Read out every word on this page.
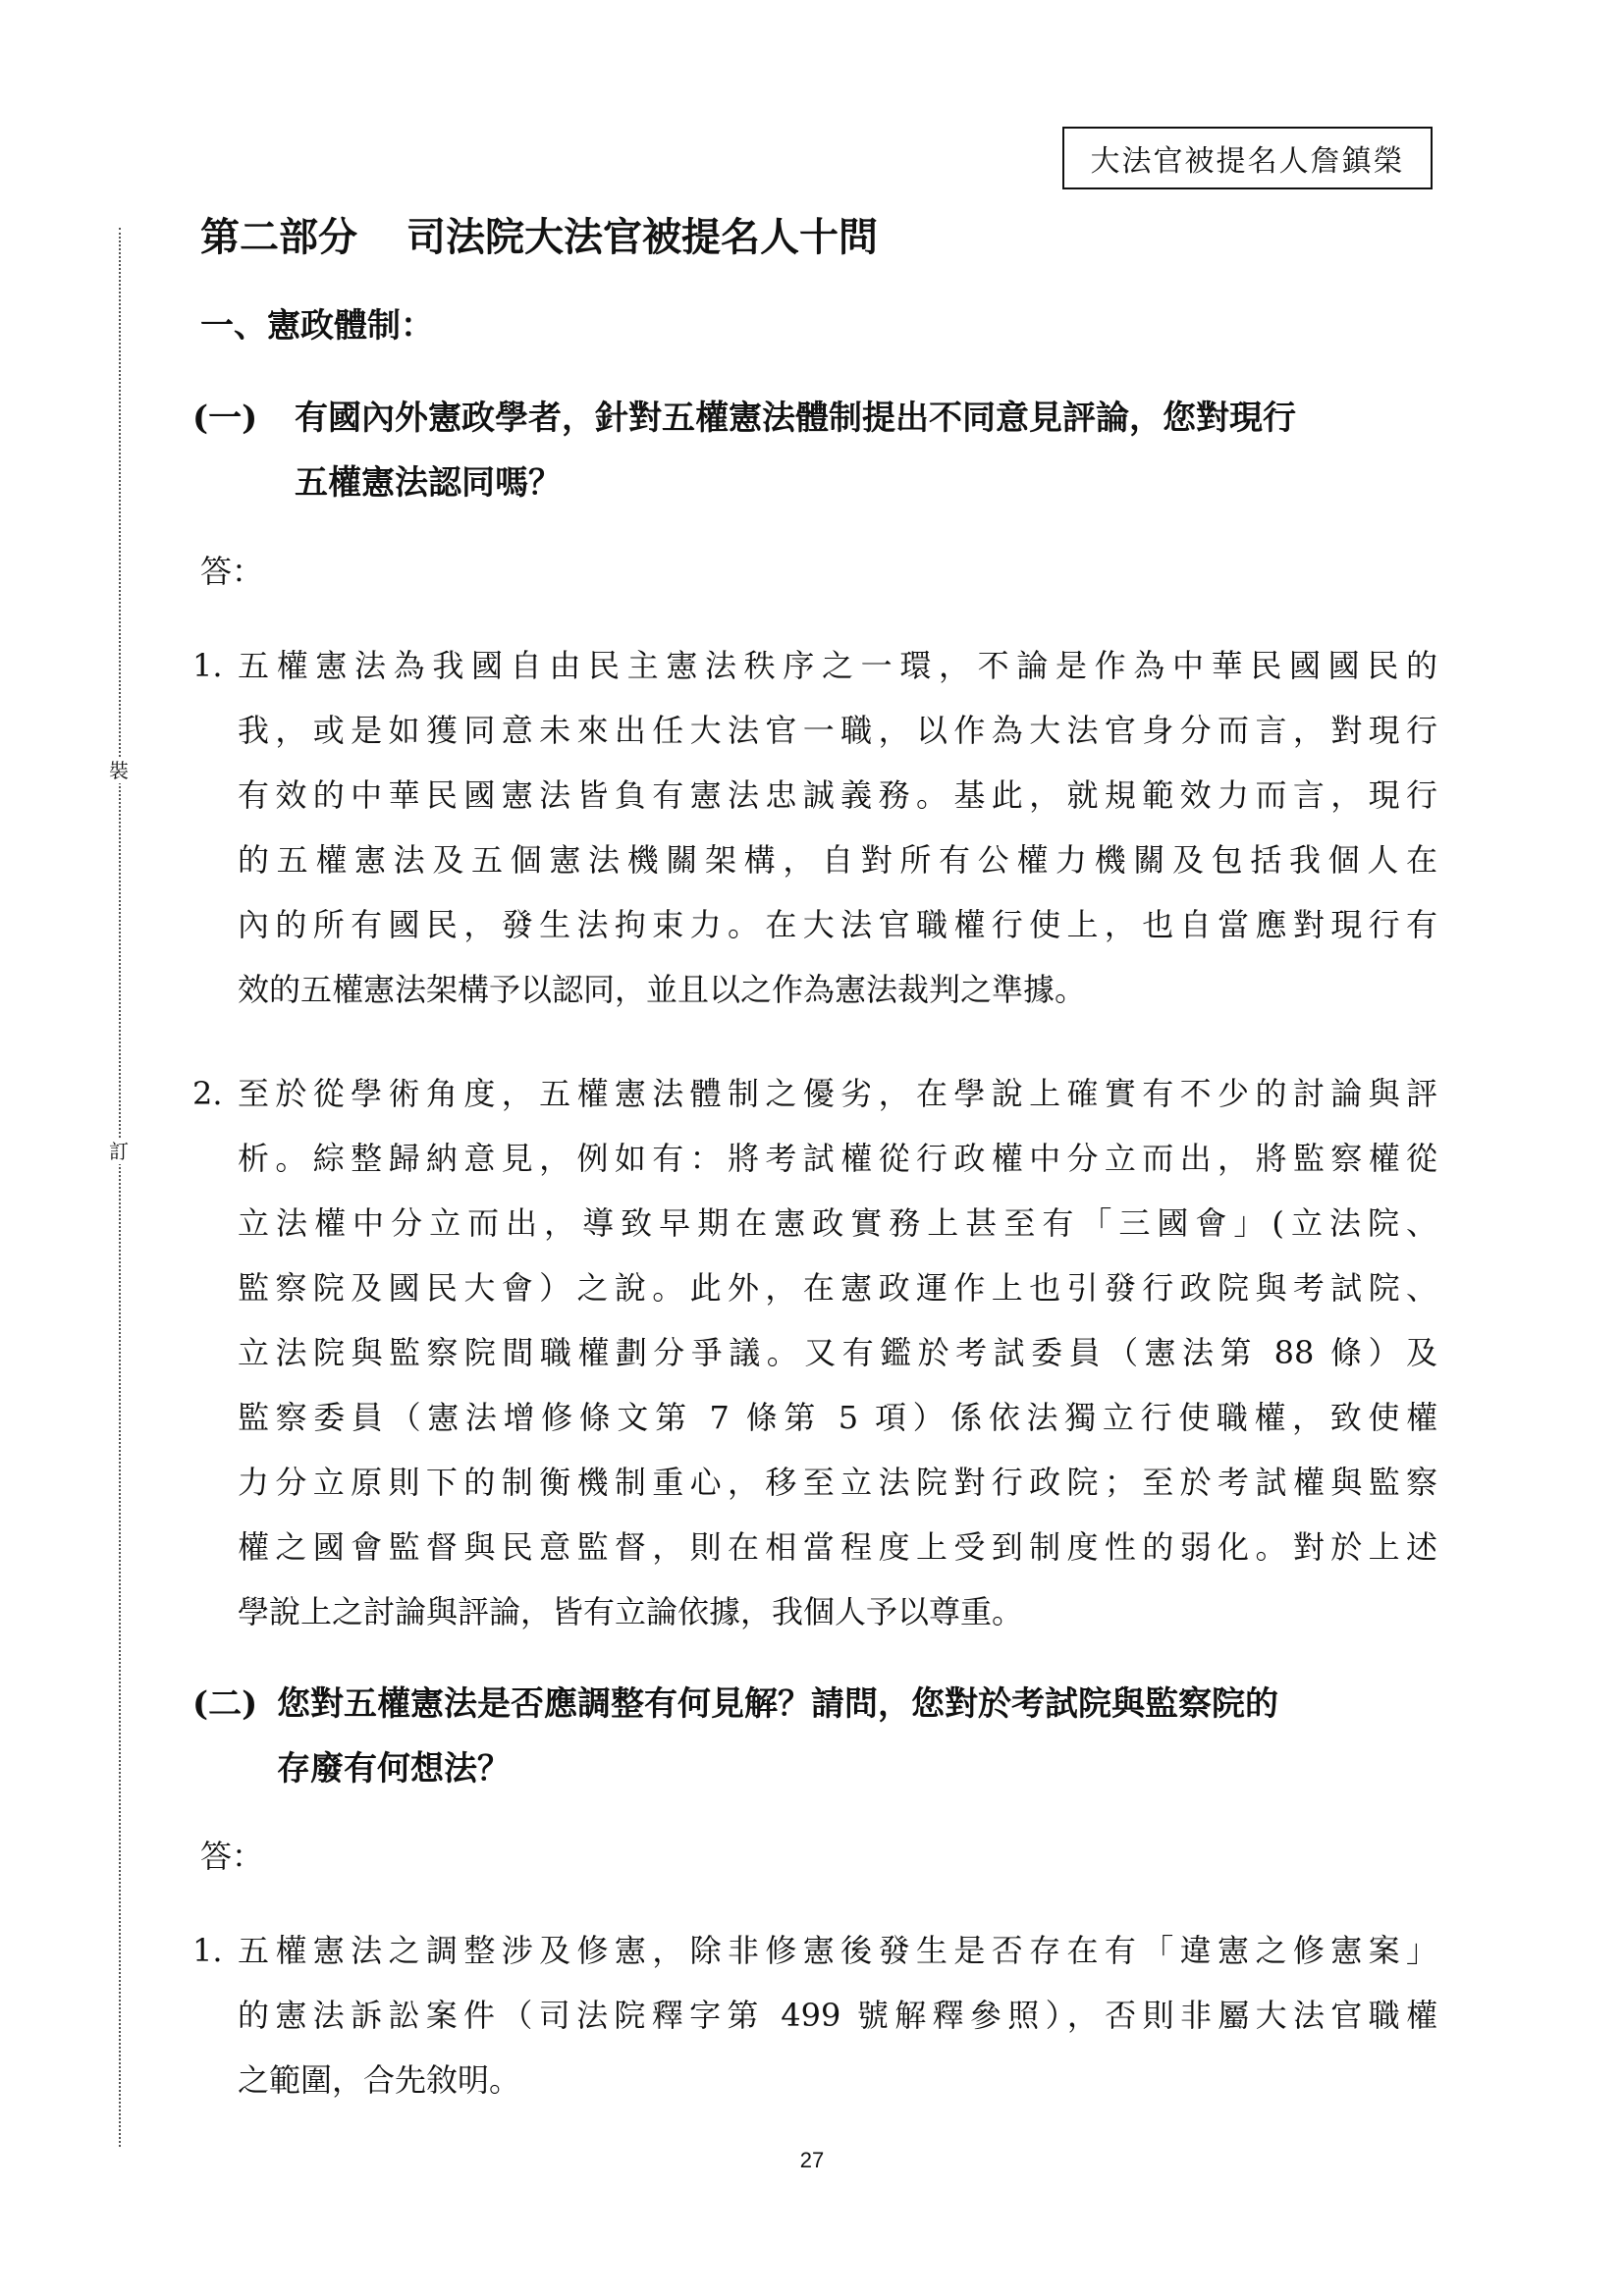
裝
訂
大法官被提名人詹鎮榮
第二部分 司法院大法官被提名人十問
一、憲政體制：
(一)	有國內外憲政學者，針對五權憲法體制提出不同意見評論，您對現行
五權憲法認同嗎？
答：
1. 五權憲法為我國自由民主憲法秩序之一環，不論是作為中華民國國民的
我，或是如獲同意未來出任大法官一職，以作為大法官身分而言，對現行
有效的中華民國憲法皆負有憲法忠誠義務。基此，就規範效力而言，現行
的五權憲法及五個憲法機關架構，自對所有公權力機關及包括我個人在
內的所有國民，發生法拘束力。在大法官職權行使上，也自當應對現行有
效的五權憲法架構予以認同，並且以之作為憲法裁判之準據。
2. 至於從學術角度，五權憲法體制之優劣，在學說上確實有不少的討論與評
析。綜整歸納意見，例如有：將考試權從行政權中分立而出，將監察權從
立法權中分立而出，導致早期在憲政實務上甚至有「三國會」(立法院、
監察院及國民大會）之說。此外，在憲政運作上也引發行政院與考試院、
立法院與監察院間職權劃分爭議。又有鑑於考試委員（憲法第 88 條）及
監察委員（憲法增修條文第 7 條第 5 項）係依法獨立行使職權，致使權
力分立原則下的制衡機制重心，移至立法院對行政院；至於考試權與監察
權之國會監督與民意監督，則在相當程度上受到制度性的弱化。對於上述
學說上之討論與評論，皆有立論依據，我個人予以尊重。
(二) 您對五權憲法是否應調整有何見解？請問，您對於考試院與監察院的
存廢有何想法？
答：
1. 五權憲法之調整涉及修憲，除非修憲後發生是否存在有「違憲之修憲案」
的憲法訴訟案件（司法院釋字第 499 號解釋參照），否則非屬大法官職權
之範圍，合先敘明。
27
